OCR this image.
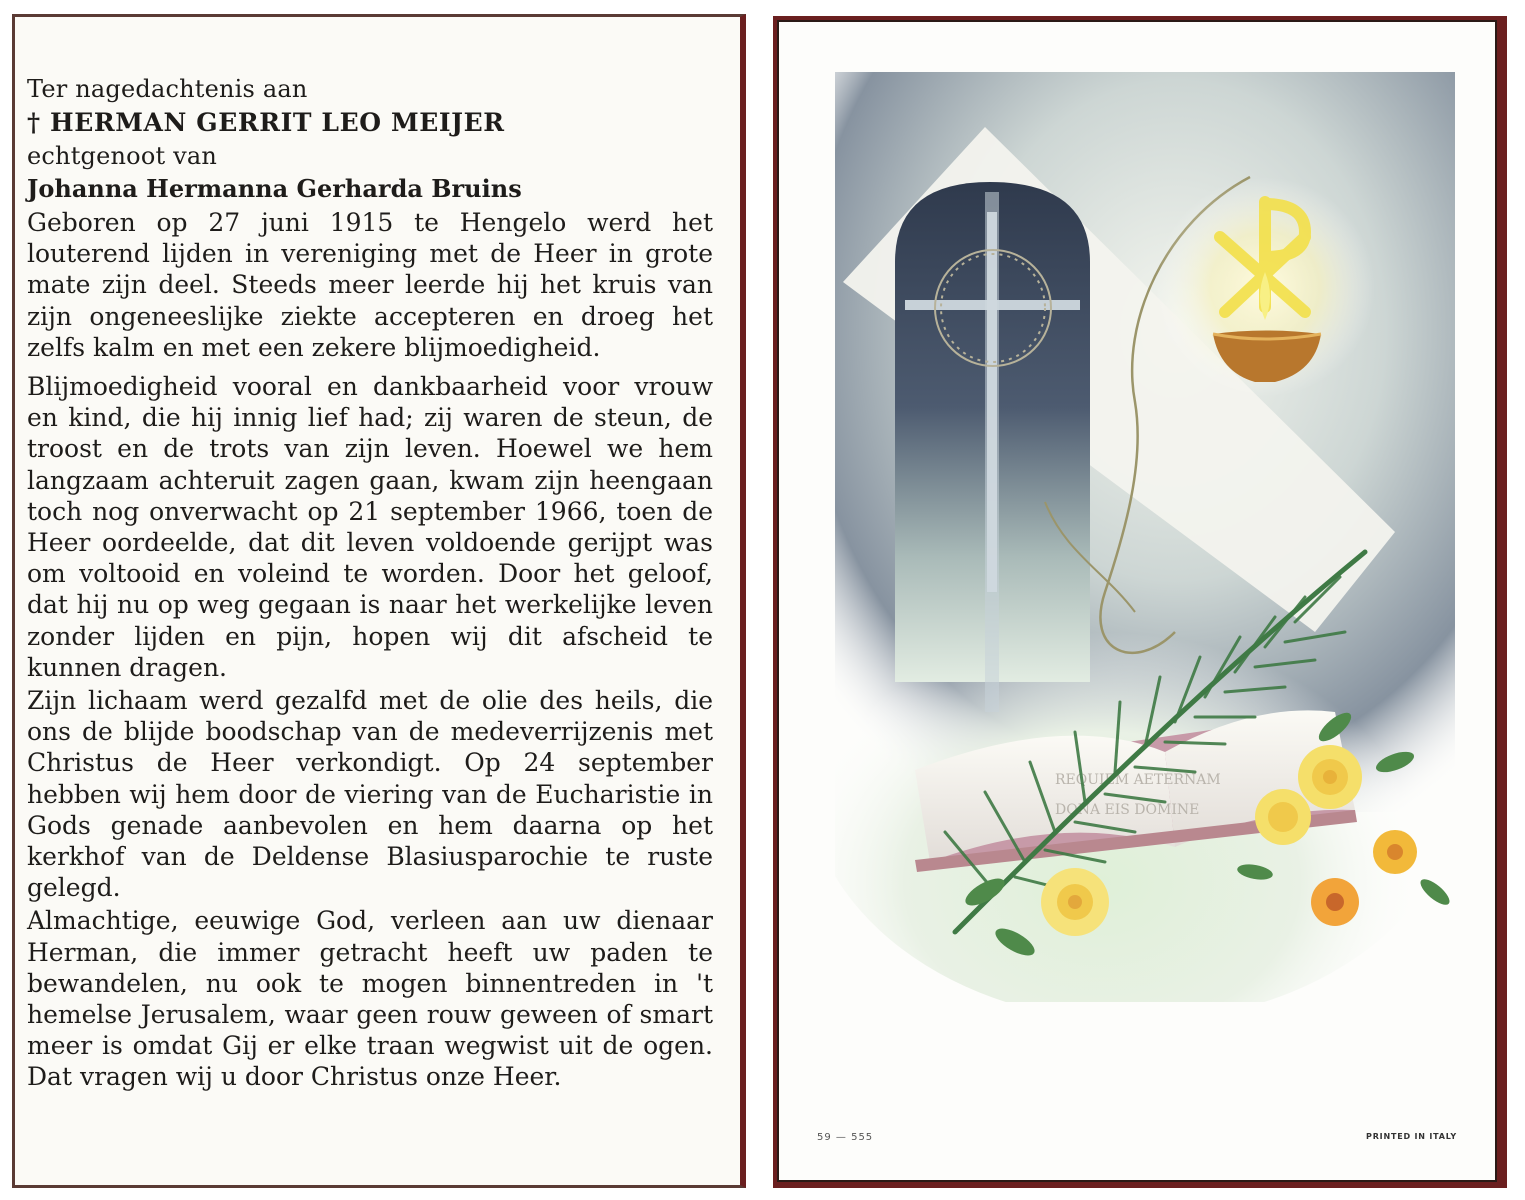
Ter nagedachtenis aan
† HERMAN GERRIT LEO MEIJER
echtgenoot van
Johanna Hermanna Gerharda Bruins

Geboren op 27 juni 1915 te Hengelo werd het louterend lijden in vereniging met de Heer in grote mate zijn deel. Steeds meer leerde hij het kruis van zijn ongeneeslijke ziekte accepteren en droeg het zelfs kalm en met een zekere blijmoedigheid.

Blijmoedigheid vooral en dankbaarheid voor vrouw en kind, die hij innig lief had; zij waren de steun, de troost en de trots van zijn leven. Hoewel we hem langzaam achteruit zagen gaan, kwam zijn heengaan toch nog onverwacht op 21 september 1966, toen de Heer oordeelde, dat dit leven voldoende gerijpt was om voltooid en voleind te worden. Door het geloof, dat hij nu op weg gegaan is naar het werkelijke leven zonder lijden en pijn, hopen wij dit afscheid te kunnen dragen.

Zijn lichaam werd gezalfd met de olie des heils, die ons de blijde boodschap van de medeverrijzenis met Christus de Heer verkondigt. Op 24 september hebben wij hem door de viering van de Eucharistie in Gods genade aanbevolen en hem daarna op het kerkhof van de Deldense Blasiusparochie te ruste gelegd.

Almachtige, eeuwige God, verleen aan uw dienaar Herman, die immer getracht heeft uw paden te bewandelen, nu ook te mogen binnentreden in 't hemelse Jerusalem, waar geen rouw geween of smart meer is omdat Gij er elke traan wegwist uit de ogen. Dat vragen wij u door Christus onze Heer.

REQUIEM AETERNAM
DONA EIS DOMINE
59 — 555	PRINTED IN ITALY
